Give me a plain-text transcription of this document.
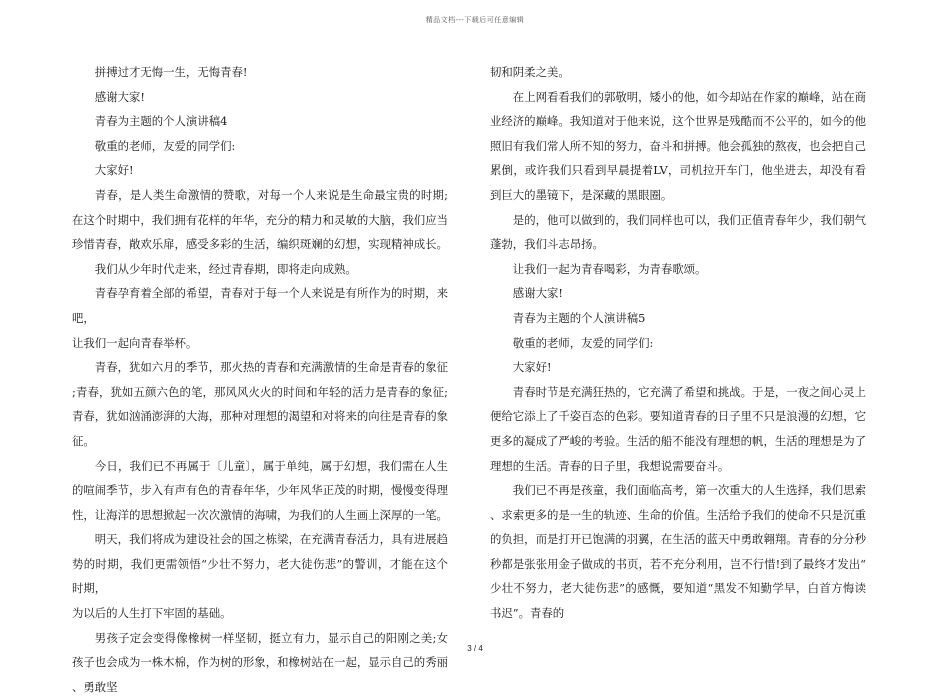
精品文档---下载后可任意编辑

拼搏过才无悔一生，无悔青春!

感谢大家!

青春为主题的个人演讲稿4

敬重的老师，友爱的同学们:

大家好!

青春，是人类生命激情的赞歌，对每一个人来说是生命最宝贵的时期;在这个时期中，我们拥有花样的年华，充分的精力和灵敏的大脑，我们应当珍惜青春，敞欢乐扉，感受多彩的生活，编织斑斓的幻想，实现精神成长。

我们从少年时代走来，经过青春期，即将走向成熟。

青春孕育着全部的希望，青春对于每一个人来说是有所作为的时期，来吧，

让我们一起向青春举杯。

青春，犹如六月的季节，那火热的青春和充满激情的生命是青春的象征;青春，犹如五颜六色的笔，那风风火火的时间和年轻的活力是青春的象征;青春，犹如汹涌澎湃的大海，那种对理想的渴望和对将来的向往是青春的象征。

今日，我们已不再属于〔儿童〕，属于单纯，属于幻想，我们需在人生的喧闹季节，步入有声有色的青春年华，少年风华正茂的时期，慢慢变得理性，让海洋的思想掀起一次次激情的海啸，为我们的人生画上深厚的一笔。

明天，我们将成为建设社会的国之栋梁，在充满青春活力，具有进展趋势的时期，我们更需领悟“少壮不努力，老大徒伤悲”的警训，才能在这个时期，

为以后的人生打下牢固的基础。

男孩子定会变得像橡树一样坚韧，挺立有力，显示自己的阳刚之美;女孩子也会成为一株木棉，作为树的形象，和橡树站在一起，显示自己的秀丽、勇敢坚

韧和阴柔之美。

在上网看看我们的郭敬明，矮小的他，如今却站在作家的巅峰，站在商业经济的巅峰。我知道对于他来说，这个世界是残酷而不公平的，如今的他照旧有我们常人所不知的努力，奋斗和拼搏。他会孤独的熬夜，也会把自己累倒，或许我们只看到早晨提着LV，司机拉开车门，他坐进去，却没有看到巨大的墨镜下，是深藏的黑眼圈。

是的，他可以做到的，我们同样也可以，我们正值青春年少，我们朝气蓬勃，我们斗志昂扬。

让我们一起为青春喝彩，为青春歌颂。

感谢大家!

青春为主题的个人演讲稿5

敬重的老师，友爱的同学们:

大家好!

青春时节是充满狂热的，它充满了希望和挑战。于是，一夜之间心灵上便给它添上了千姿百态的色彩。要知道青春的日子里不只是浪漫的幻想，它更多的凝成了严峻的考验。生活的船不能没有理想的帆，生活的理想是为了理想的生活。青春的日子里，我想说需要奋斗。

我们已不再是孩童，我们面临高考，第一次重大的人生选择，我们思索、求索更多的是一生的轨迹、生命的价值。生活给予我们的使命不只是沉重的负担，而是打开已饱满的羽翼，在生活的蓝天中勇敢翱翔。青春的分分秒秒都是张张用金子做成的书页，若不充分利用，岂不行惜!到了最终才发出“少壮不努力，老大徒伤悲”的感慨，要知道“黑发不知勤学早，白首方悔读书迟”。青春的

3 / 4
